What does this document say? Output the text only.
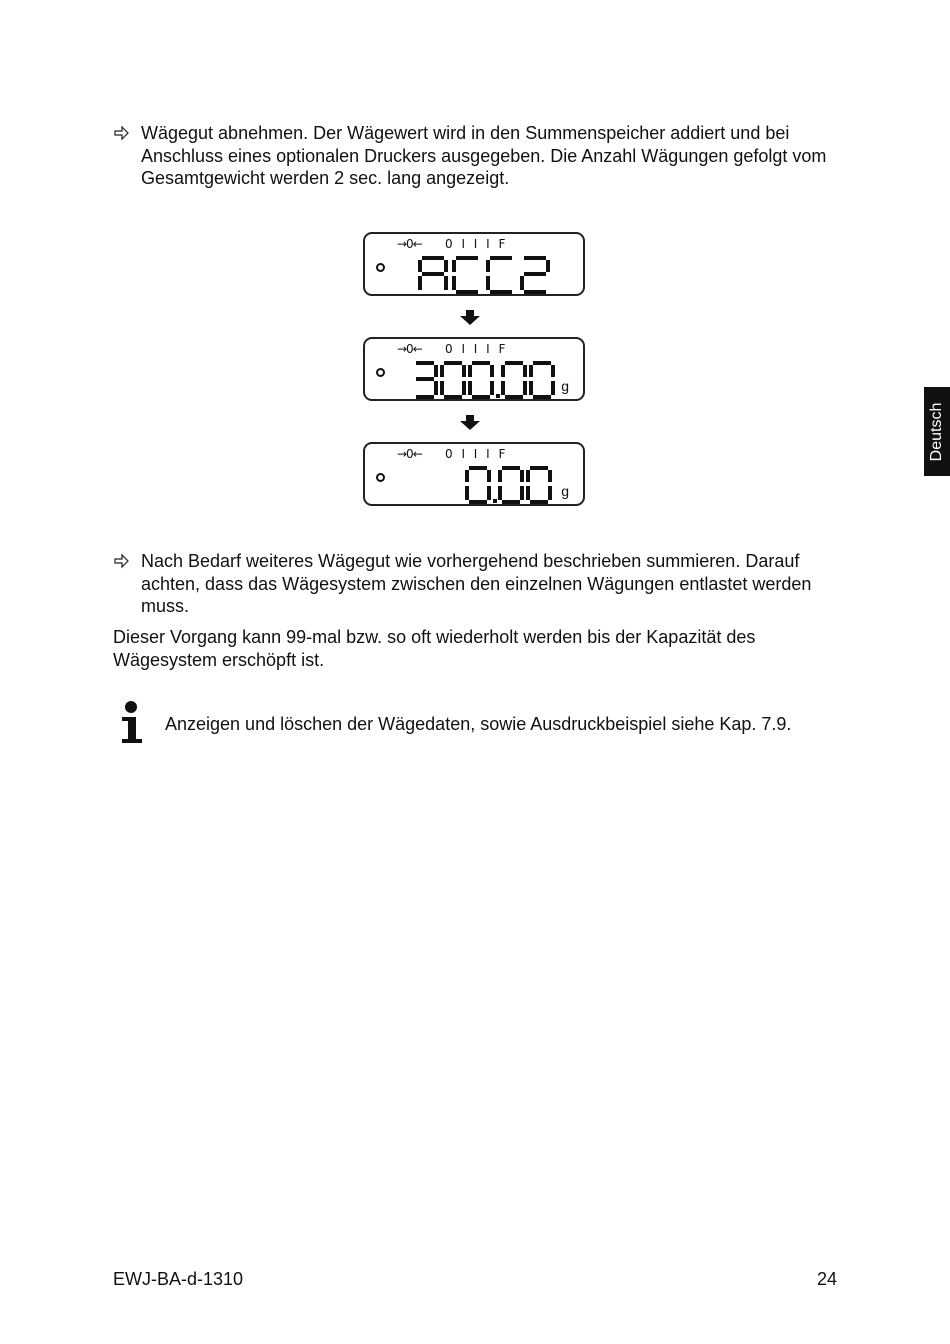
Wägegut abnehmen. Der Wägewert wird in den Summenspeicher addiert und bei Anschluss eines optionalen Druckers ausgegeben. Die Anzahl Wägungen gefolgt vom Gesamtgewicht werden 2 sec. lang angezeigt.
→0← 0 I I I F
→0← 0 I I I F
g
→0← 0 I I I F
g
Nach Bedarf weiteres Wägegut wie vorhergehend beschrieben summieren. Darauf achten, dass das Wägesystem zwischen den einzelnen Wägungen entlastet werden muss.
Dieser Vorgang kann 99-mal bzw. so oft wiederholt werden bis der Kapazität des Wägesystem erschöpft ist.
Anzeigen und löschen der Wägedaten, sowie Ausdruckbeispiel siehe Kap. 7.9.
Deutsch
EWJ-BA-d-1310	24
